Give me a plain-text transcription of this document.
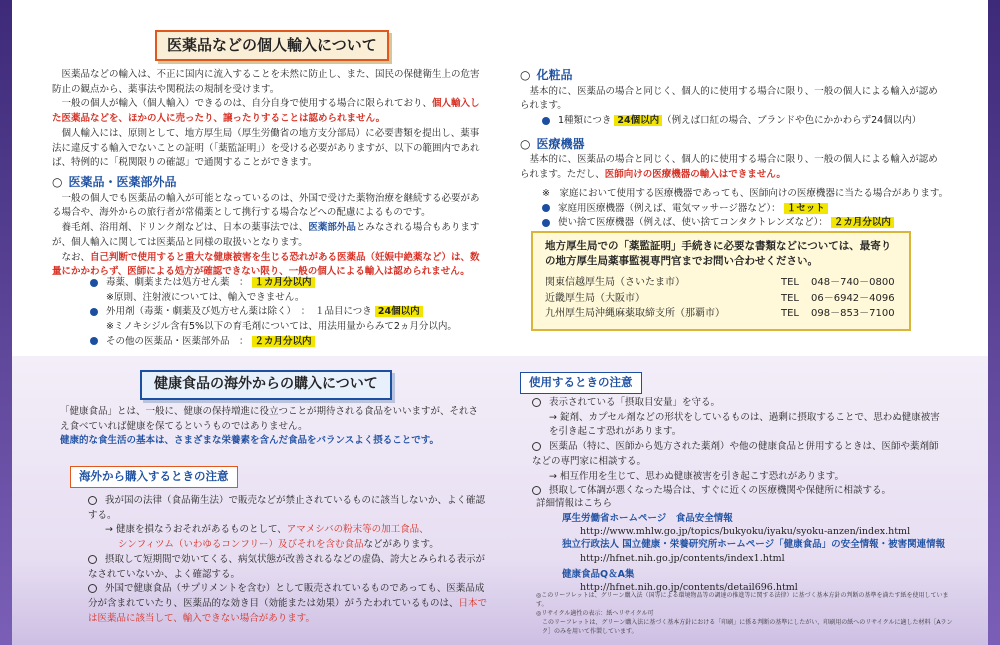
医薬品などの個人輸入について

医薬品などの輸入は、不正に国内に流入することを未然に防止し、また、国民の保健衛生上の危害防止の観点から、薬事法や関税法の規制を受けます。

一般の個人が輸入（個人輸入）できるのは、自分自身で使用する場合に限られており、個人輸入した医薬品などを、ほかの人に売ったり、譲ったりすることは認められません。

個人輸入には、原則として、地方厚生局（厚生労働省の地方支分部局）に必要書類を提出し、薬事法に違反する輸入でないことの証明（「薬監証明」）を受ける必要がありますが、以下の範囲内であれば、特例的に「税関限りの確認」で通関することができます。

○ 医薬品・医薬部外品

一般の個人でも医薬品の輸入が可能となっているのは、外国で受けた薬物治療を継続する必要がある場合や、海外からの旅行者が常備薬として携行する場合などへの配慮によるものです。

養毛剤、浴用剤、ドリンク剤などは、日本の薬事法では、医薬部外品とみなされる場合もありますが、個人輸入に関しては医薬品と同様の取扱いとなります。

なお、自己判断で使用すると重大な健康被害を生じる恐れがある医薬品（妊娠中絶薬など）は、数量にかかわらず、医師による処方が確認できない限り、一般の個人による輸入は認められません。

毒薬、劇薬または処方せん薬　： １カ月分以内
※原則、注射液については、輸入できません。
外用剤（毒薬・劇薬及び処方せん薬は除く）　：　１品目につき 24個以内
※ミノキシジル含有5%以下の育毛剤については、用法用量からみて2ヵ月分以内。
その他の医薬品・医薬部外品　： ２カ月分以内

○ 化粧品

基本的に、医薬品の場合と同じく、個人的に使用する場合に限り、一般の個人による輸入が認められます。

1種類につき 24個以内 （例えば口紅の場合、ブランドや色にかかわらず24個以内）

○ 医療機器

基本的に、医薬品の場合と同じく、個人的に使用する場合に限り、一般の個人による輸入が認められます。ただし、医師向けの医療機器の輸入はできません。

※　家庭において使用する医療機器であっても、医師向けの医療機器に当たる場合があります。
家庭用医療機器（例えば、電気マッサージ器など）： １セット
使い捨て医療機器（例えば、使い捨てコンタクトレンズなど）： ２カ月分以内

地方厚生局での「薬監証明」手続きに必要な書類などについては、最寄りの地方厚生局薬事監視専門官までお問い合わせください。

関東信越厚生局（さいたま市）	TEL	048－740－0800
近畿厚生局（大阪市）	TEL	06－6942－4096
九州厚生局沖縄麻薬取締支所（那覇市）	TEL	098－853－7100
健康食品の海外からの購入について

「健康食品」とは、一般に、健康の保持増進に役立つことが期待される食品をいいますが、それさえ食べていれば健康を保てるというものではありません。

健康的な食生活の基本は、さまざまな栄養素を含んだ食品をバランスよく摂ることです。

海外から購入するときの注意

我が国の法律（食品衛生法）で販売などが禁止されているものに該当しないか、よく確認する。

→ 健康を損なうおそれがあるものとして、アマメシバの粉末等の加工食品、

シンフィツム（いわゆるコンフリー）及びそれを含む食品などがあります。

摂取して短期間で効いてくる、病気状態が改善されるなどの虚偽、誇大とみられる表示がなされていないか、よく確認する。

外国で健康食品（サプリメントを含む）として販売されているものであっても、医薬品成分が含まれていたり、医薬品的な効き目（効能または効果）がうたわれているものは、日本では医薬品に該当して、輸入できない場合があります。

使用するときの注意

表示されている「摂取目安量」を守る。

→ 錠剤、カプセル剤などの形状をしているものは、過剰に摂取することで、思わぬ健康被害を引き起こす恐れがあります。

医薬品（特に、医師から処方された薬剤）や他の健康食品と併用するときは、医師や薬剤師などの専門家に相談する。

→ 相互作用を生じて、思わぬ健康被害を引き起こす恐れがあります。

摂取して体調が悪くなった場合は、すぐに近くの医療機関や保健所に相談する。

詳細情報はこちら

厚生労働省ホームページ　食品安全情報

http://www.mhlw.go.jp/topics/bukyoku/iyaku/syoku-anzen/index.html

独立行政法人 国立健康・栄養研究所ホームページ「健康食品」の安全情報・被害関連情報

http://hfnet.nih.go.jp/contents/index1.html

健康食品Q＆A集

http://hfnet.nih.go.jp/contents/detail696.html

◎このリーフレットは、グリーン購入法（国等による環境物品等の調達の推進等に関する法律）に基づく基本方針の判断の基準を満たす紙を使用しています。

◎リサイクル適性の表示：紙へリサイクル可

このリーフレットは、グリーン購入法に基づく基本方針における「印刷」に係る判断の基準にしたがい、印刷用の紙へのリサイクルに適した材料［Aランク］のみを用いて作製しています。
